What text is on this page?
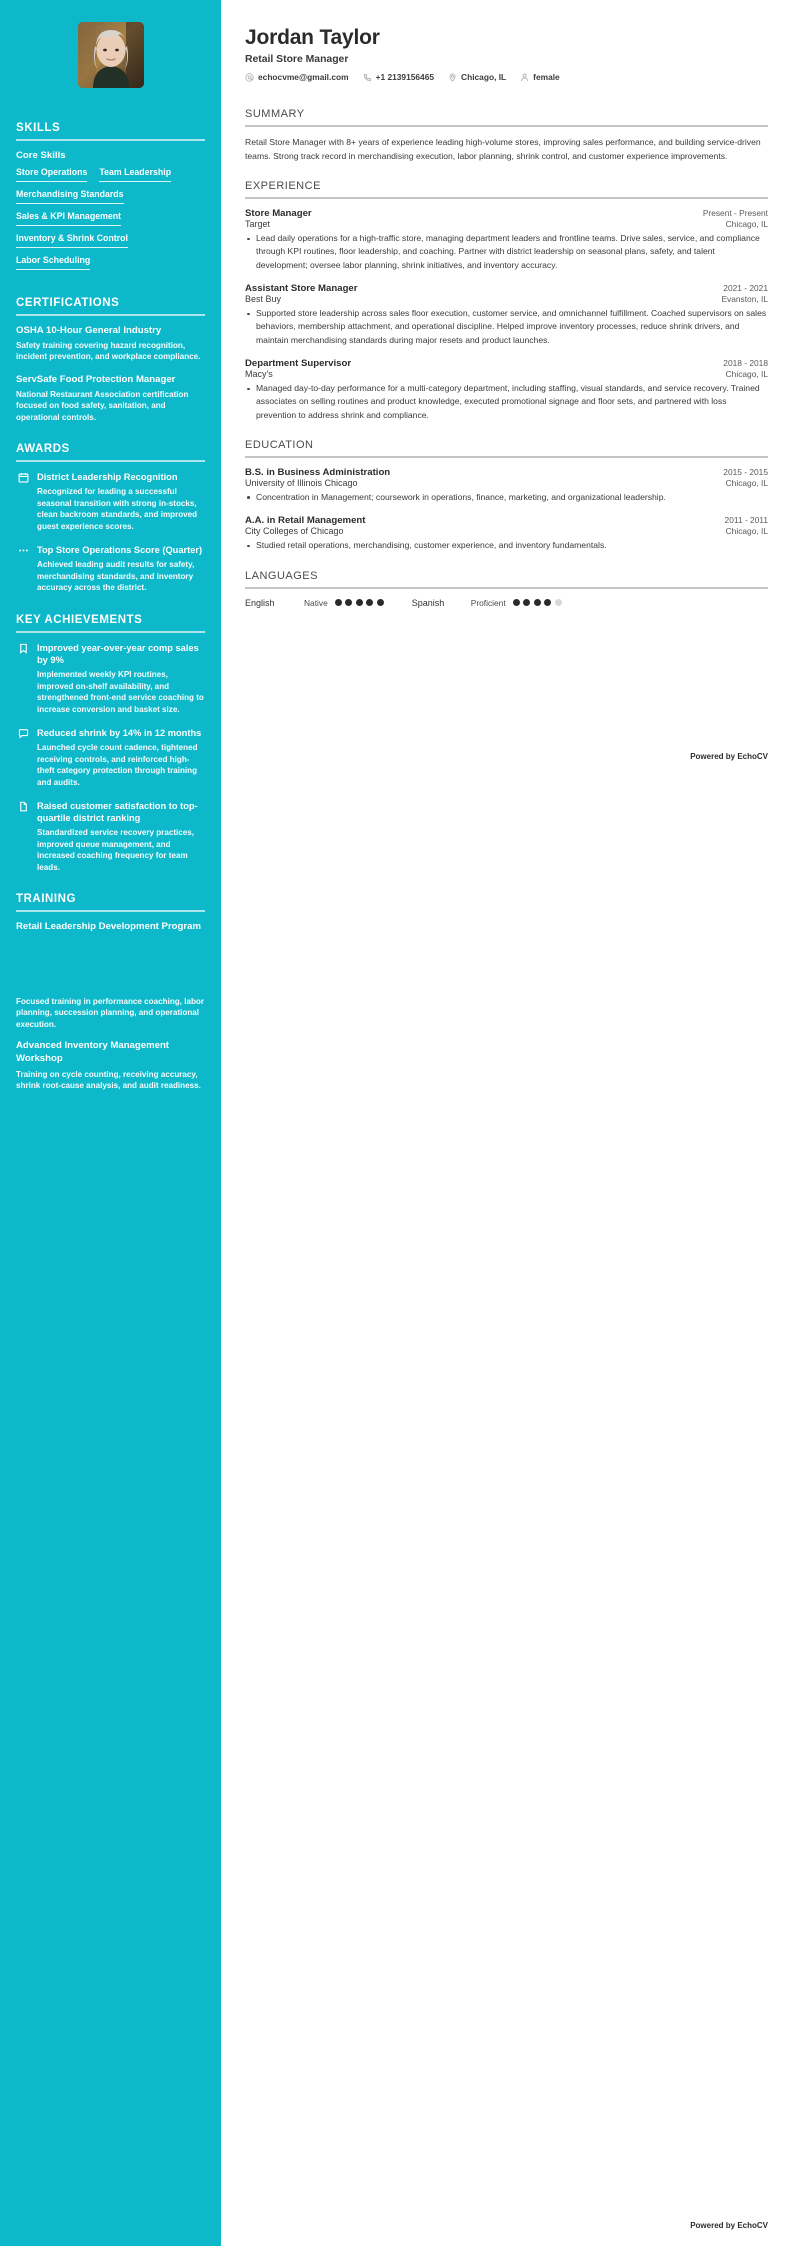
SKILLS
Core Skills
Store Operations Team Leadership
Merchandising Standards
Sales & KPI Management
Inventory & Shrink Control
Labor Scheduling
CERTIFICATIONS
OSHA 10-Hour General Industry
Safety training covering hazard recognition, incident prevention, and workplace compliance.
ServSafe Food Protection Manager
National Restaurant Association certification focused on food safety, sanitation, and operational controls.
AWARDS
District Leadership Recognition
Recognized for leading a successful seasonal transition with strong in-stocks, clean backroom standards, and improved guest experience scores.
Top Store Operations Score (Quarter)
Achieved leading audit results for safety, merchandising standards, and inventory accuracy across the district.
KEY ACHIEVEMENTS
Improved year-over-year comp sales by 9%
Implemented weekly KPI routines, improved on-shelf availability, and strengthened front-end service coaching to increase conversion and basket size.
Reduced shrink by 14% in 12 months
Launched cycle count cadence, tightened receiving controls, and reinforced high-theft category protection through training and audits.
Raised customer satisfaction to top-quartile district ranking
Standardized service recovery practices, improved queue management, and increased coaching frequency for team leads.
TRAINING
Retail Leadership Development Program
Focused training in performance coaching, labor planning, succession planning, and operational execution.
Advanced Inventory Management Workshop
Training on cycle counting, receiving accuracy, shrink root-cause analysis, and audit readiness.
Jordan Taylor
Retail Store Manager
echocvme@gmail.com	+1 2139156465	Chicago, IL	female
SUMMARY

Retail Store Manager with 8+ years of experience leading high-volume stores, improving sales performance, and building service-driven teams. Strong track record in merchandising execution, labor planning, shrink control, and customer experience improvements.

EXPERIENCE
Store Manager	Present - Present
Target	Chicago, IL
Lead daily operations for a high-traffic store, managing department leaders and frontline teams. Drive sales, service, and compliance through KPI routines, floor leadership, and coaching. Partner with district leadership on seasonal plans, safety, and talent development; oversee labor planning, shrink initiatives, and inventory accuracy.
Assistant Store Manager	2021 - 2021
Best Buy	Evanston, IL
Supported store leadership across sales floor execution, customer service, and omnichannel fulfillment. Coached supervisors on sales behaviors, membership attachment, and operational discipline. Helped improve inventory processes, reduce shrink drivers, and maintain merchandising standards during major resets and product launches.
Department Supervisor	2018 - 2018
Macy's	Chicago, IL
Managed day-to-day performance for a multi-category department, including staffing, visual standards, and service recovery. Trained associates on selling routines and product knowledge, executed promotional signage and floor sets, and partnered with loss prevention to address shrink and compliance.
EDUCATION
B.S. in Business Administration	2015 - 2015
University of Illinois Chicago	Chicago, IL
Concentration in Management; coursework in operations, finance, marketing, and organizational leadership.
A.A. in Retail Management	2011 - 2011
City Colleges of Chicago	Chicago, IL
Studied retail operations, merchandising, customer experience, and inventory fundamentals.
LANGUAGES
English	Native	Spanish	Proficient
Powered by EchoCV
Powered by EchoCV
